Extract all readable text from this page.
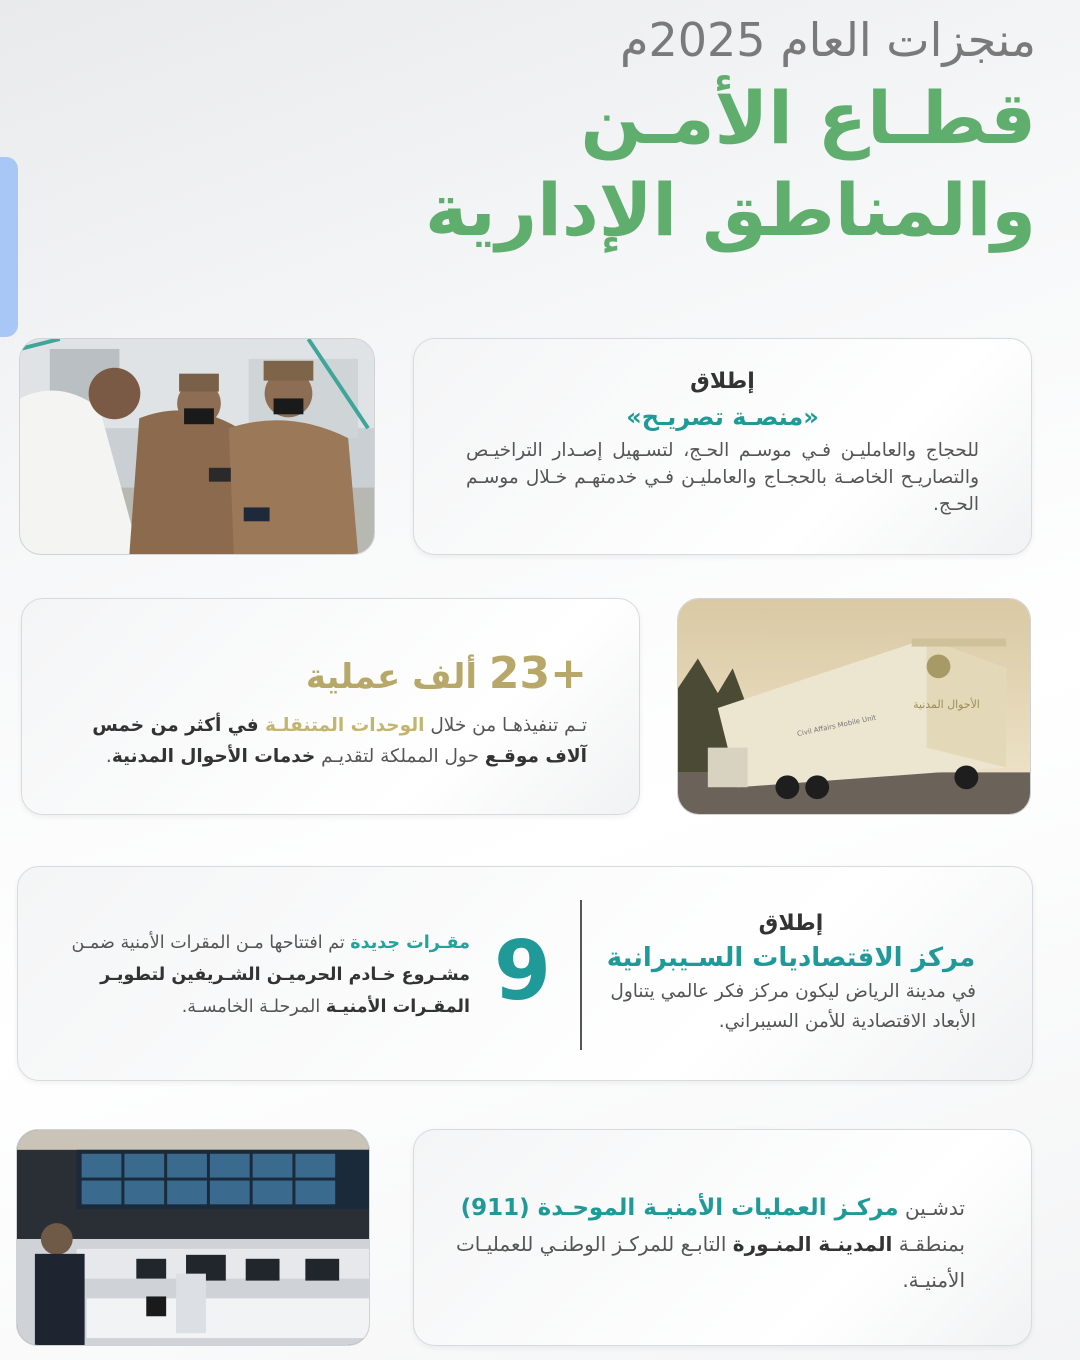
منجزات العام 2025م
قطـاع الأمـن
والمناطق الإدارية
إطلاق
«منصـة تصريـح»
للحجاج والعامليـن فـي موسـم الحـج، لتسـهيل إصـدار التراخيـص والتصاريـح الخاصـة بالحجـاج والعامليـن فـي خدمتهـم خـلال موسـم الحـج.
23+ ألف عملية
تـم تنفيذهـا من خلال الوحدات المتنقلـة في أكثر من خمس آلاف موقـع حول المملكة لتقديـم خدمات الأحوال المدنية.
الأحوال المدنية
Civil Affairs Mobile Unit
إطلاق
مركز الاقتصاديات السـيبرانية
في مدينة الرياض ليكون مركز فكر عالمي يتناول الأبعاد الاقتصادية للأمن السيبراني.
9
مقـرات جديدة تم افتتاحها مـن المقرات الأمنية ضمـن مشـروع خـادم الحرميـن الشـريفين لتطويـر المقـرات الأمنيـة المرحلـة الخامسـة.
تدشـين مركـز العمليات الأمنيـة الموحـدة (911) بمنطقـة المدينـة المنـورة التابـع للمركـز الوطنـي للعمليـات الأمنيـة.
